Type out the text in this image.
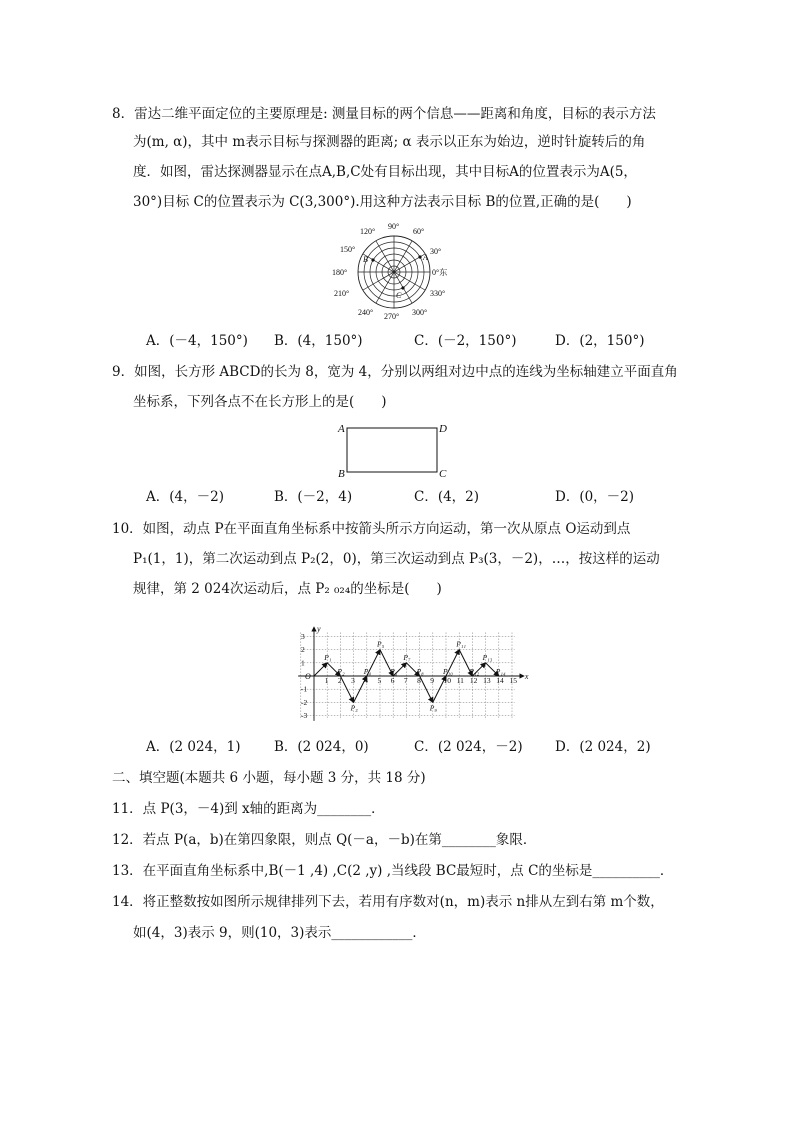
8．雷达二维平面定位的主要原理是: 测量目标的两个信息——距离和角度，目标的表示方法
为(m, α)，其中 m表示目标与探测器的距离; α 表示以正东为始边，逆时针旋转后的角
度．如图，雷达探测器显示在点A,B,C处有目标出现，其中目标A的位置表示为A(5，
30°)目标 C的位置表示为 C(3,300°).用这种方法表示目标 B的位置,正确的是(　　)
90°
60°
30°
0°东
330°
300°
270°
240°
210°
180°
150°
120°
A
B
C
A．(－4，150°) B．(4，150°)	C．(－2，150°)	D．(2，150°)
9．如图，长方形 ABCD的长为 8，宽为 4，分别以两组对边中点的连线为坐标轴建立平面直角
坐标系，下列各点不在长方形上的是(　　)
A	D
B	C
A．(4，－2)	B．(－2，4)	C．(4，2)	D．(0，－2)
10．如图，动点 P在平面直角坐标系中按箭头所示方向运动，第一次从原点 O运动到点
P₁(1，1)，第二次运动到点 P₂(2，0)，第三次运动到点 P₃(3，－2)，…，按这样的运动
规律，第 2 024次运动后，点 P₂ ₀₂₄的坐标是(　　)
1 2 3 4 5 6 7 8 9 10 11 12 13 14 15
3
2
1
-1
-2
-3
O
y
x
P₁
P₂
P₃
P₄
P₅
P₆
P₇
P₈
P₉
P₁₀
P₁₁
P₁₂
P₁₃
P₁₄
A．(2 024，1) B．(2 024，0)	C．(2 024，－2) D．(2 024，2)
二、填空题(本题共 6 小题，每小题 3 分，共 18 分)
11．点 P(3，－4)到 x轴的距离为________．
12．若点 P(a，b)在第四象限，则点 Q(－a，－b)在第________象限．
13．在平面直角坐标系中,B(－1 ,4) ,C(2 ,y) ,当线段 BC最短时，点 C的坐标是__________．
14．将正整数按如图所示规律排列下去，若用有序数对(n，m)表示 n排从左到右第 m个数，
如(4，3)表示 9，则(10，3)表示____________．
